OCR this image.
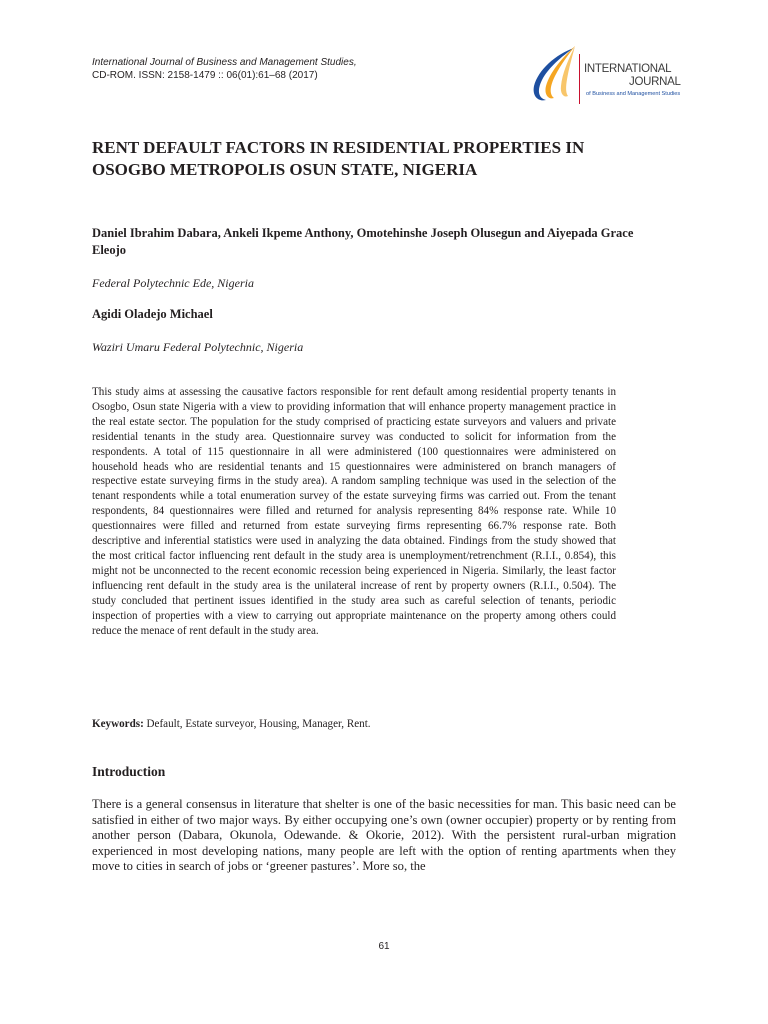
International Journal of Business and Management Studies,
CD-ROM. ISSN: 2158-1479 :: 06(01):61–68 (2017)
INTERNATIONAL
JOURNAL
of Business and Management Studies
RENT DEFAULT FACTORS IN RESIDENTIAL PROPERTIES IN OSOGBO METROPOLIS OSUN STATE, NIGERIA
Daniel Ibrahim Dabara, Ankeli Ikpeme Anthony, Omotehinshe Joseph Olusegun and Aiyepada Grace Eleojo
Federal Polytechnic Ede, Nigeria
Agidi Oladejo Michael
Waziri Umaru Federal Polytechnic, Nigeria

This study aims at assessing the causative factors responsible for rent default among residential property tenants in Osogbo, Osun state Nigeria with a view to providing information that will enhance property management practice in the real estate sector. The population for the study comprised of practicing estate surveyors and valuers and private residential tenants in the study area. Questionnaire survey was conducted to solicit for information from the respondents. A total of 115 questionnaire in all were administered (100 questionnaires were administered on household heads who are residential tenants and 15 questionnaires were administered on branch managers of respective estate surveying firms in the study area). A random sampling technique was used in the selection of the tenant respondents while a total enumeration survey of the estate surveying firms was carried out. From the tenant respondents, 84 questionnaires were filled and returned for analysis representing 84% response rate. While 10 questionnaires were filled and returned from estate surveying firms representing 66.7% response rate. Both descriptive and inferential statistics were used in analyzing the data obtained. Findings from the study showed that the most critical factor influencing rent default in the study area is unemployment/retrenchment (R.I.I., 0.854), this might not be unconnected to the recent economic recession being experienced in Nigeria. Similarly, the least factor influencing rent default in the study area is the unilateral increase of rent by property owners (R.I.I., 0.504). The study concluded that pertinent issues identified in the study area such as careful selection of tenants, periodic inspection of properties with a view to carrying out appropriate maintenance on the property among others could reduce the menace of rent default in the study area.

Keywords: Default, Estate surveyor, Housing, Manager, Rent.
Introduction

There is a general consensus in literature that shelter is one of the basic necessities for man. This basic need can be satisfied in either of two major ways. By either occupying one’s own (owner occupier) property or by renting from another person (Dabara, Okunola, Odewande. & Okorie, 2012). With the persistent rural-urban migration experienced in most developing nations, many people are left with the option of renting apartments when they move to cities in search of jobs or ‘greener pastures’. More so, the

61
